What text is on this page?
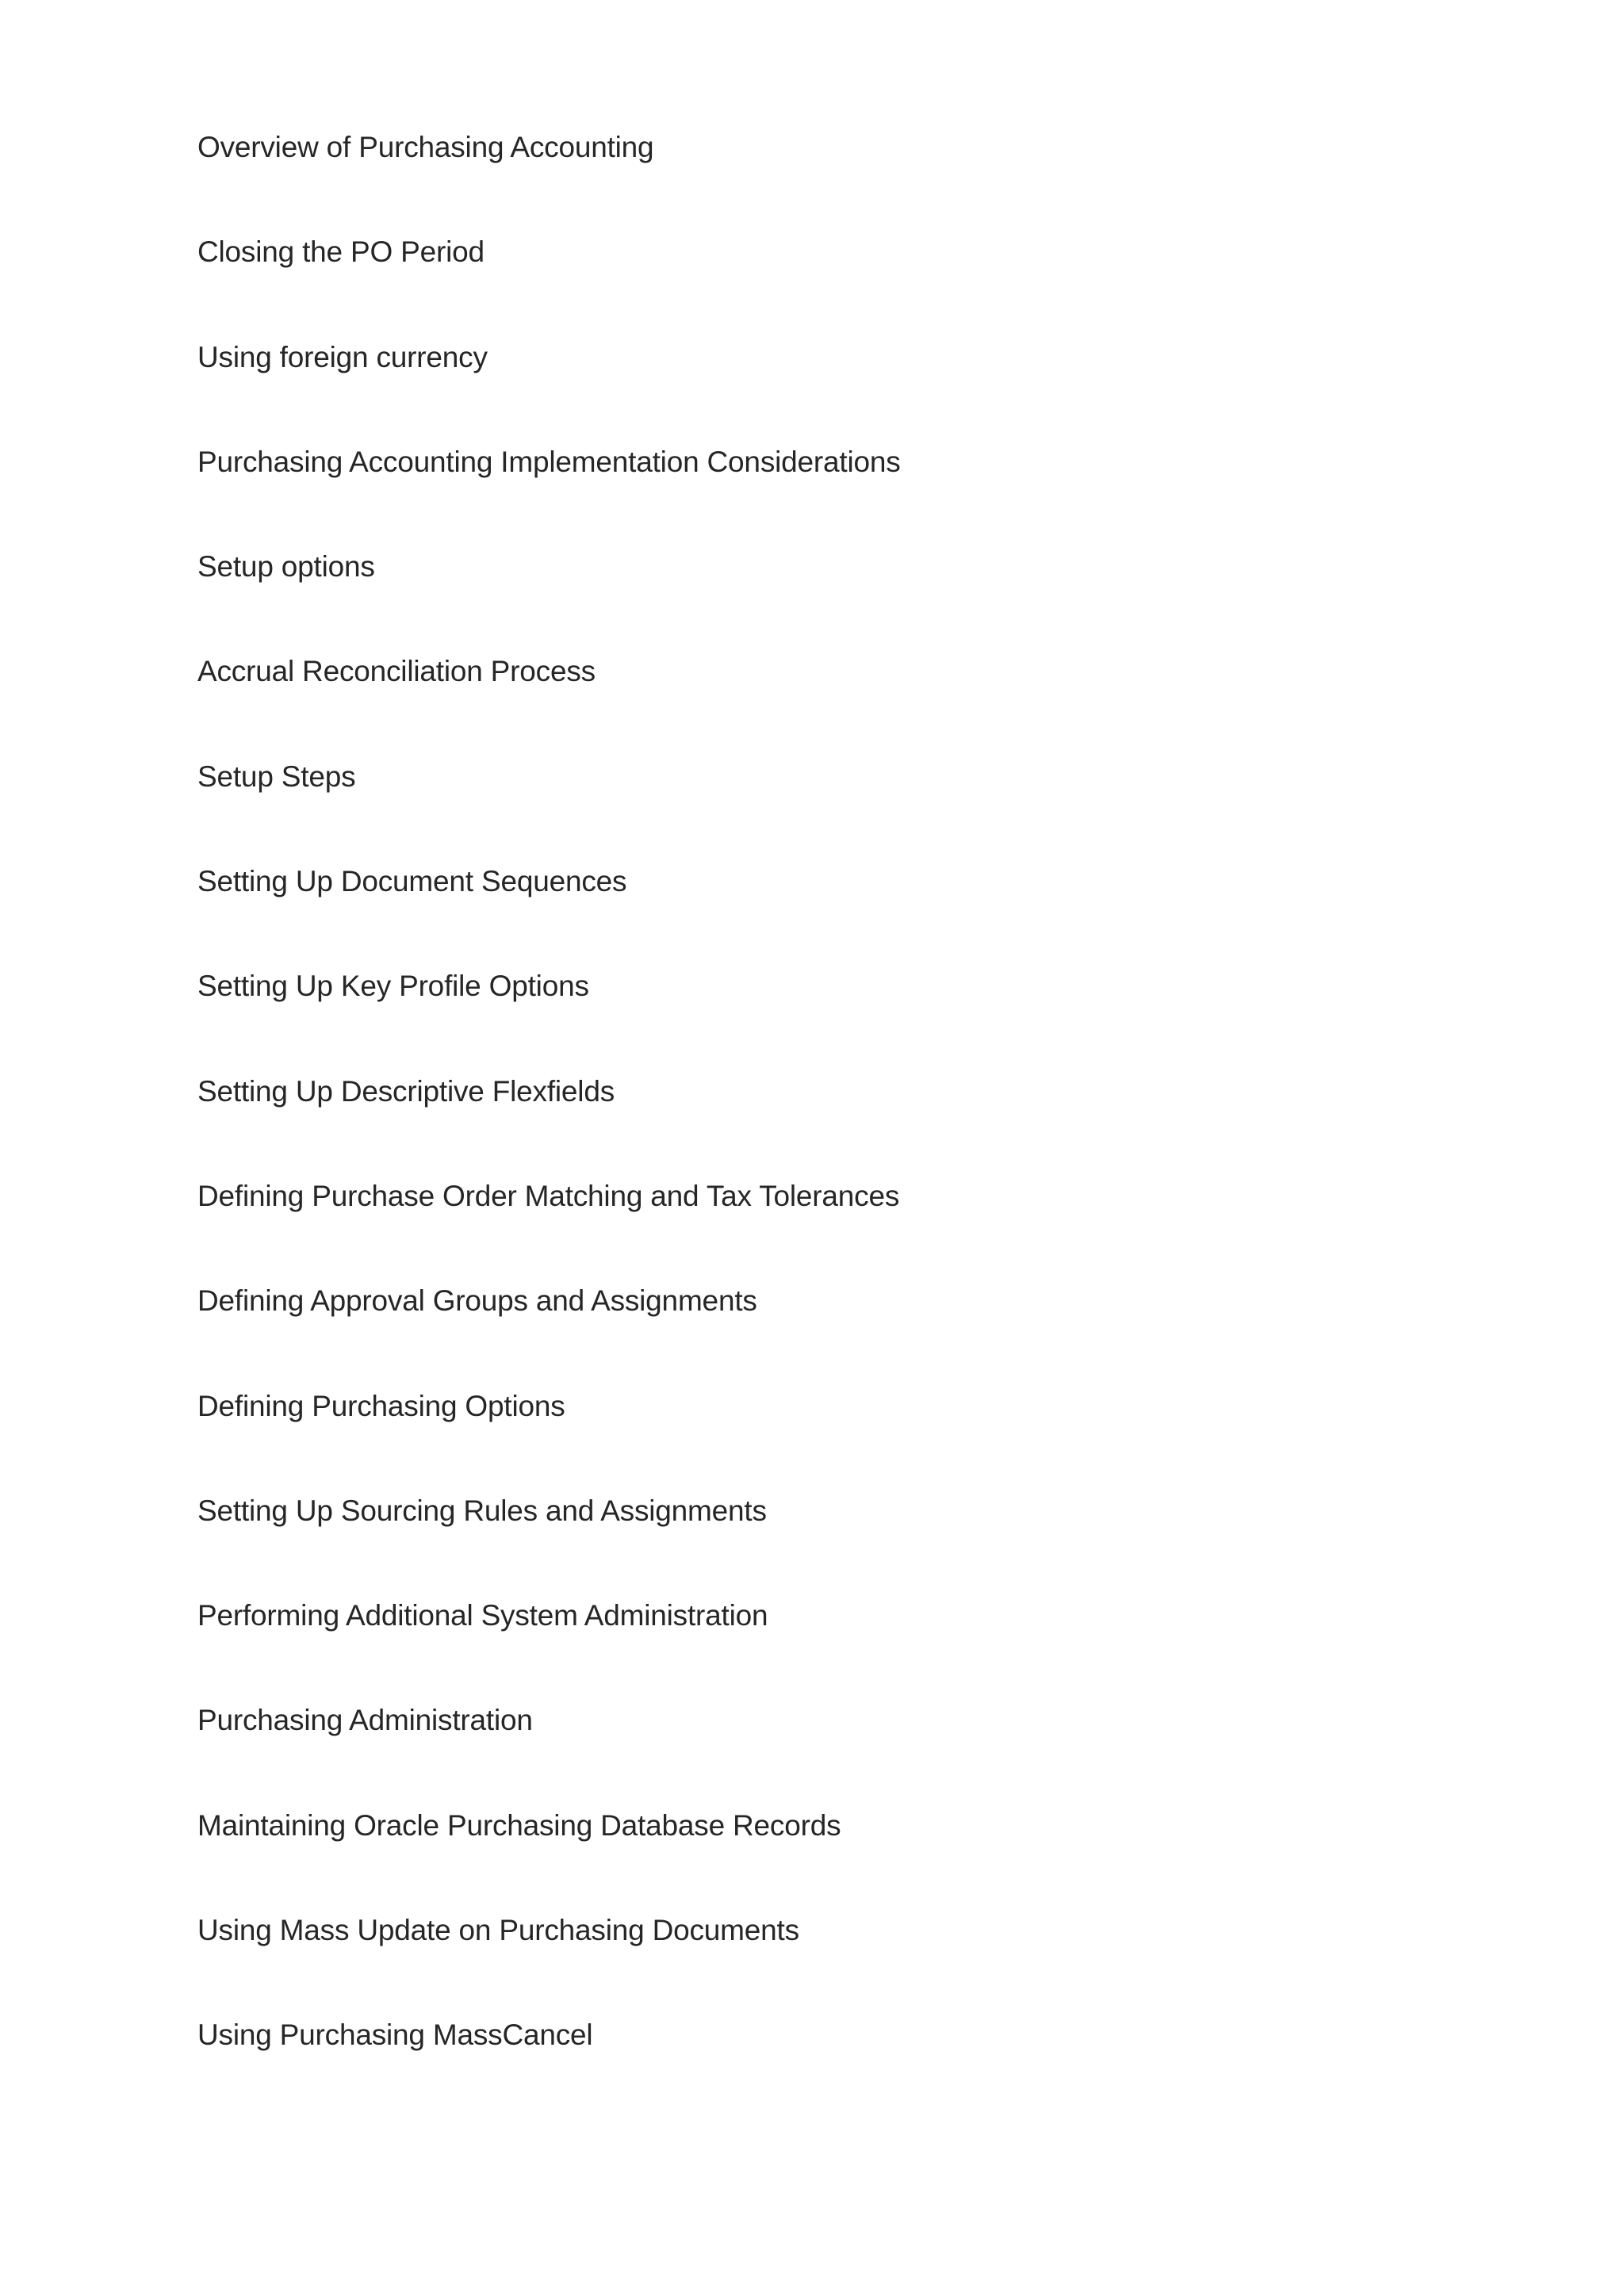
Overview of Purchasing Accounting
Closing the PO Period
Using foreign currency
Purchasing Accounting Implementation Considerations
Setup options
Accrual Reconciliation Process
Setup Steps
Setting Up Document Sequences
Setting Up Key Profile Options
Setting Up Descriptive Flexfields
Defining Purchase Order Matching and Tax Tolerances
Defining Approval Groups and Assignments
Defining Purchasing Options
Setting Up Sourcing Rules and Assignments
Performing Additional System Administration
Purchasing Administration
Maintaining Oracle Purchasing Database Records
Using Mass Update on Purchasing Documents
Using Purchasing MassCancel
